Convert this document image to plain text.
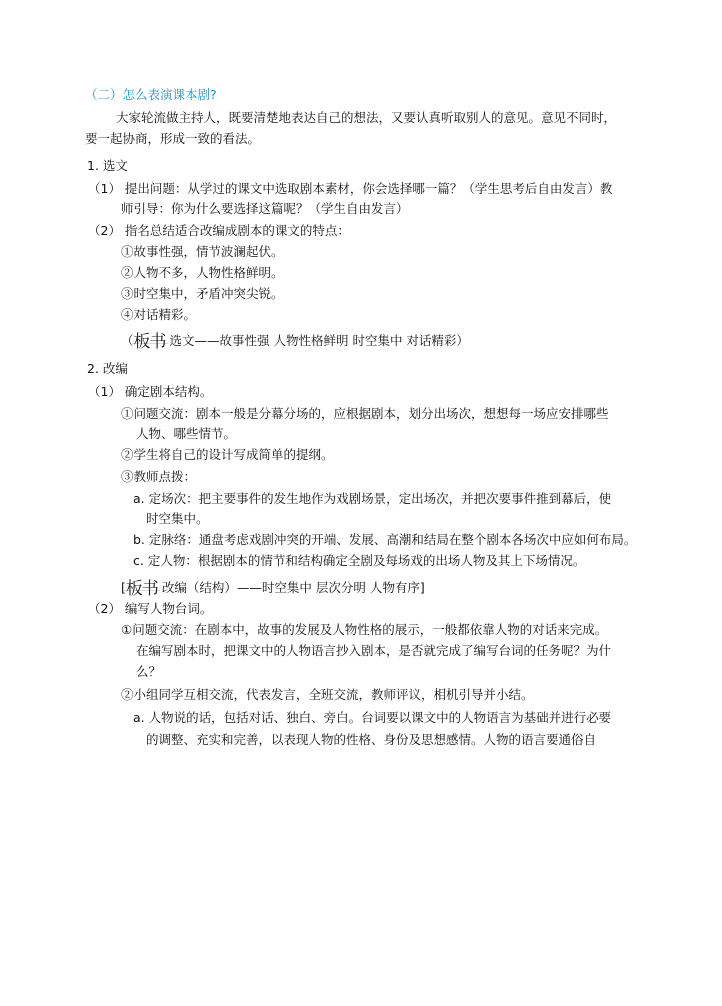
（二）怎么表演课本剧?
大家轮流做主持人，既要清楚地表达自己的想法，又要认真听取别人的意见。意见不同时，
要一起协商，形成一致的看法。
1. 选文
（1） 提出问题：从学过的课文中选取剧本素材，你会选择哪一篇？（学生思考后自由发言）教
师引导：你为什么要选择这篇呢？（学生自由发言）
（2） 指名总结适合改编成剧本的课文的特点：
①故事性强，情节波澜起伏。
②人物不多，人物性格鲜明。
③时空集中，矛盾冲突尖锐。
④对话精彩。
（板书 选文——故事性强 人物性格鲜明 时空集中 对话精彩）
2. 改编
（1） 确定剧本结构。
①问题交流：剧本一般是分幕分场的，应根据剧本，划分出场次，想想每一场应安排哪些
人物、哪些情节。
②学生将自己的设计写成简单的提纲。
③教师点拨：
a. 定场次：把主要事件的发生地作为戏剧场景，定出场次，并把次要事件推到幕后，使
时空集中。
b. 定脉络：通盘考虑戏剧冲突的开端、发展、高潮和结局在整个剧本各场次中应如何布局。
c. 定人物：根据剧本的情节和结构确定全剧及每场戏的出场人物及其上下场情况。
[板书 改编（结构）——时空集中 层次分明 人物有序]
（2） 编写人物台词。
①问题交流：在剧本中，故事的发展及人物性格的展示，一般都依靠人物的对话来完成。
在编写剧本时，把课文中的人物语言抄入剧本，是否就完成了编写台词的任务呢？为什
么？
②小组同学互相交流，代表发言，全班交流，教师评议，相机引导并小结。
a. 人物说的话，包括对话、独白、旁白。台词要以课文中的人物语言为基础并进行必要
的调整、充实和完善，以表现人物的性格、身份及思想感情。人物的语言要通俗自
